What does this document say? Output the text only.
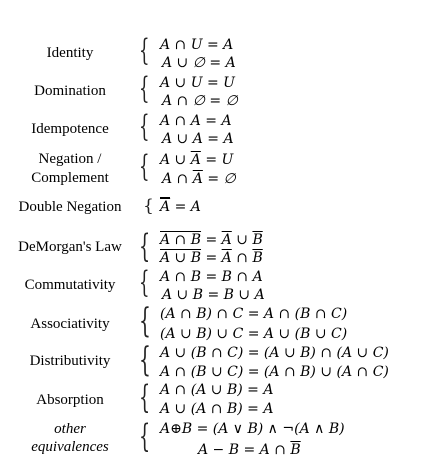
Identity	{ A ∩ U = A
A ∪ ∅ = A
Domination	{ A ∪ U = U
A ∩ ∅ = ∅
Idempotence	{ A ∩ A = A
A ∪ A = A
Negation /
Complement	{ A ∪ $\overline{A} = U$
A ∩ $\overline{A}$ = ∅
Double Negation	{ $\overline{A} = A$
DeMorgan's Law { A ∩ $B = \overline{A}$ ∪ $\overline{B}$
A ∪ $B = \overline{A}$ ∩ $\overline{B}$
Commutativity { A ∩ B = B ∩ A
A ∪ B = B ∪ A
Associativity { (A ∩ B) ∩ C = A ∩ (B ∩ C)
(A ∪ B) ∪ C = A ∪ (B ∪ C)
Distributivity { A ∪ (B ∩ C) = (A ∪ B) ∩ (A ∪ C)
A ∩ (B ∪ C) = (A ∩ B) ∪ (A ∩ C)
Absorption	{ A ∩ (A ∪ B) = A
A ∪ (A ∩ B) = A
other
equivalences { A⊕B = (A ∨ B) ∧ ¬(A ∧ B)
A − B = A ∩ $\overline{B}$
